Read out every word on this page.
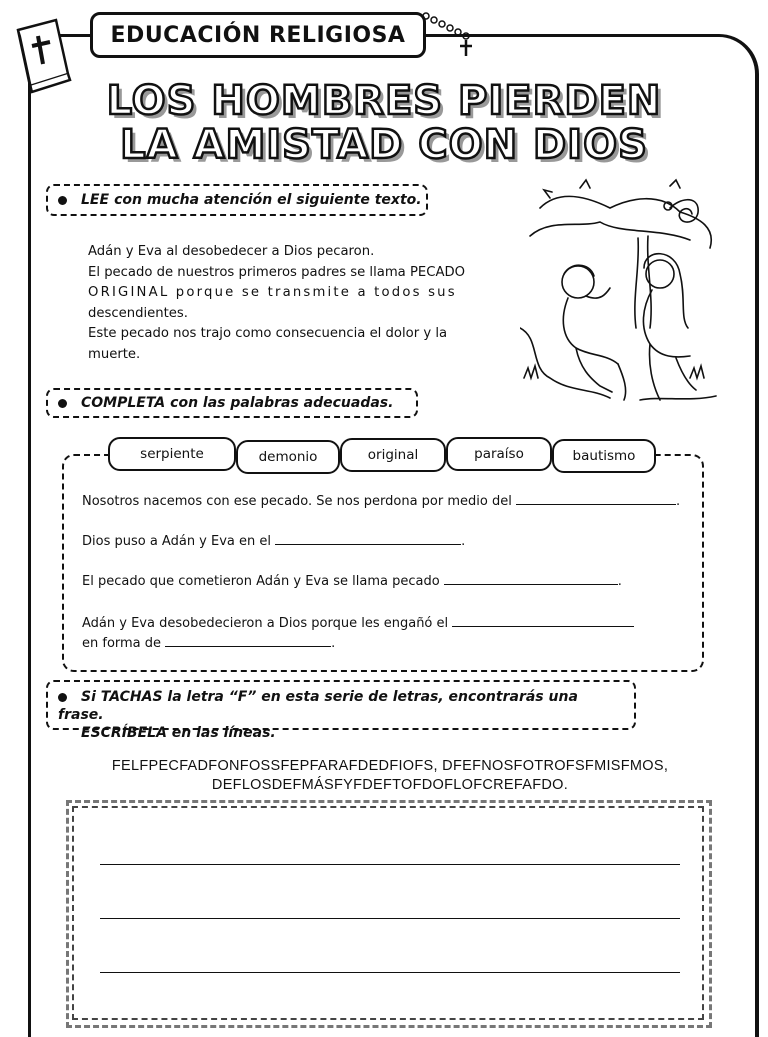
EDUCACIÓN RELIGIOSA
LOS HOMBRES PIERDEN
LA AMISTAD CON DIOS
LEE con mucha atención el siguiente texto.
Adán y Eva al desobedecer a Dios pecaron.
El pecado de nuestros primeros padres se llama PECADO
ORIGINAL porque se transmite a todos sus
descendientes.
Este pecado nos trajo como consecuencia el dolor y la
muerte.
COMPLETA con las palabras adecuadas.
serpiente	demonio	original	paraíso	bautismo
Nosotros nacemos con ese pecado. Se nos perdona por medio del	.
Dios puso a Adán y Eva en el	.
El pecado que cometieron Adán y Eva se llama pecado	.
Adán y Eva desobedecieron a Dios porque les engañó el
en forma de	.
Si TACHAS la letra “F” en esta serie de letras, encontrarás una frase.
ESCRÍBELA en las líneas.
FELFPECFADFONFOSSFEPFARAFDEDFIOFS, DFEFNOSFOTROFSFMISFMOS,
DEFLOSDEFMÁSFYFDEFTOFDOFLOFCREFAFDO.
